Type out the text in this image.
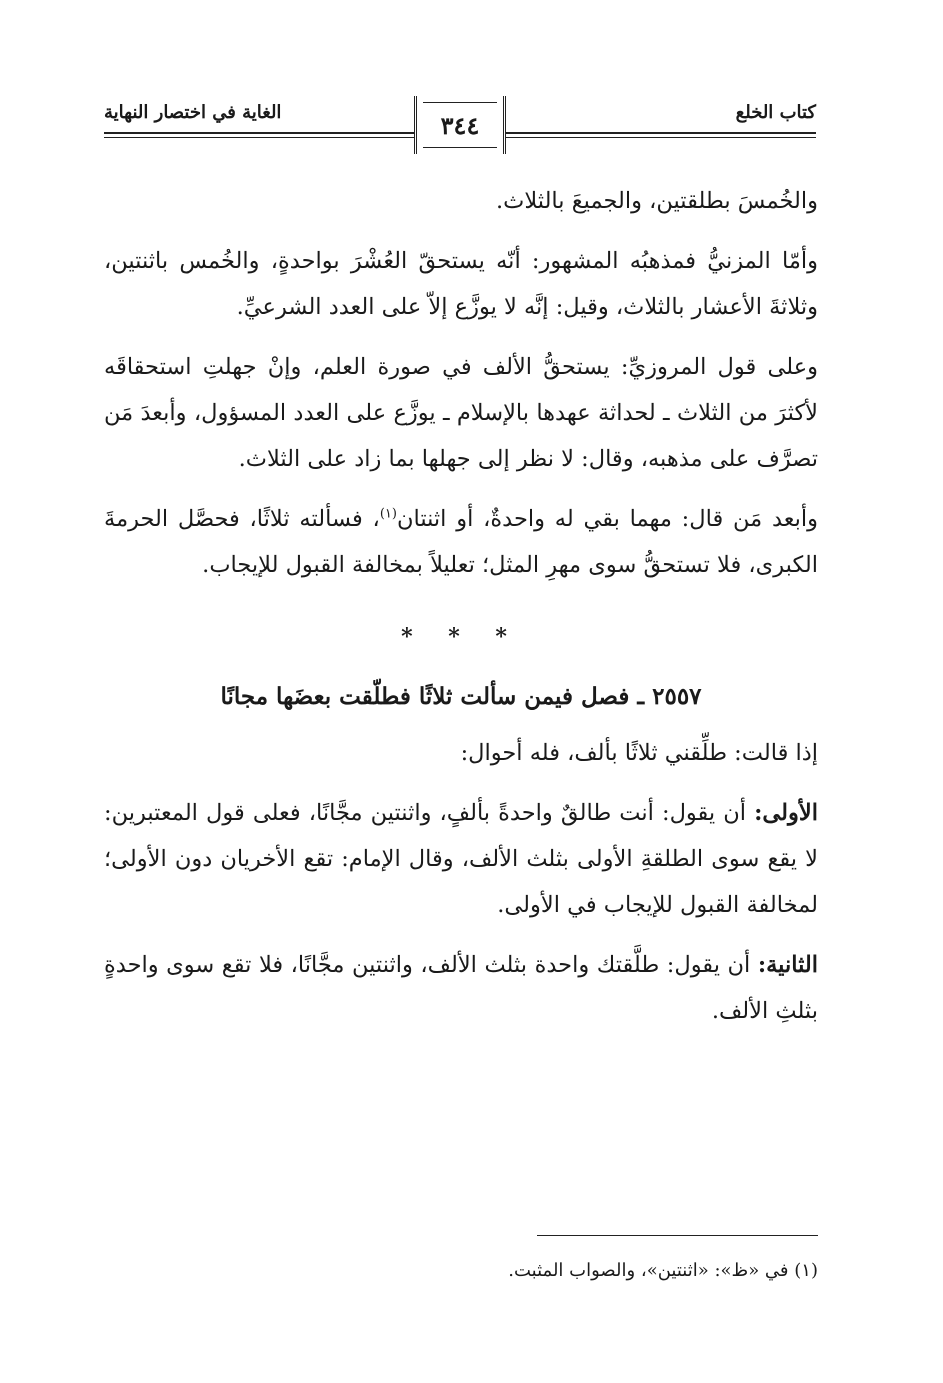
كتاب الخلع
٣٤٤
الغاية في اختصار النهاية

والخُمسَ بطلقتين، والجميعَ بالثلاث.

وأمّا المزنيُّ فمذهبُه المشهور: أنّه يستحقّ العُشْرَ بواحدةٍ، والخُمس باثنتين، وثلاثةَ الأعشار بالثلاث، وقيل: إنَّه لا يوزَّع إلاّ على العدد الشرعيِّ.

وعلى قول المروزيِّ: يستحقُّ الألف في صورة العلم، وإنْ جهلتِ استحقاقَه لأكثرَ من الثلاث ـ لحداثة عهدها بالإسلام ـ يوزَّع على العدد المسؤول، وأبعدَ مَن تصرَّف على مذهبه، وقال: لا نظر إلى جهلها بما زاد على الثلاث.

وأبعد مَن قال: مهما بقي له واحدةٌ، أو اثنتان$^{(١)}$، فسألته ثلاثًا، فحصَّل الحرمةَ الكبرى، فلا تستحقُّ سوى مهرِ المثل؛ تعليلاً بمخالفة القبول للإيجاب.

* * *
٢٥٥٧ ـ فصل فيمن سألت ثلاثًا فطلّقت بعضَها مجانًا

إذا قالت: طلِّقني ثلاثًا بألف، فله أحوال:

الأولى: أن يقول: أنت طالقٌ واحدةً بألفٍ، واثنتين مجَّانًا، فعلى قول المعتبرين: لا يقع سوى الطلقةِ الأولى بثلث الألف، وقال الإمام: تقع الأخريان دون الأولى؛ لمخالفة القبول للإيجاب في الأولى.

الثانية: أن يقول: طلَّقتك واحدة بثلث الألف، واثنتين مجَّانًا، فلا تقع سوى واحدةٍ بثلثِ الألف.

(١) في «ظ»: «اثنتين»، والصواب المثبت.
